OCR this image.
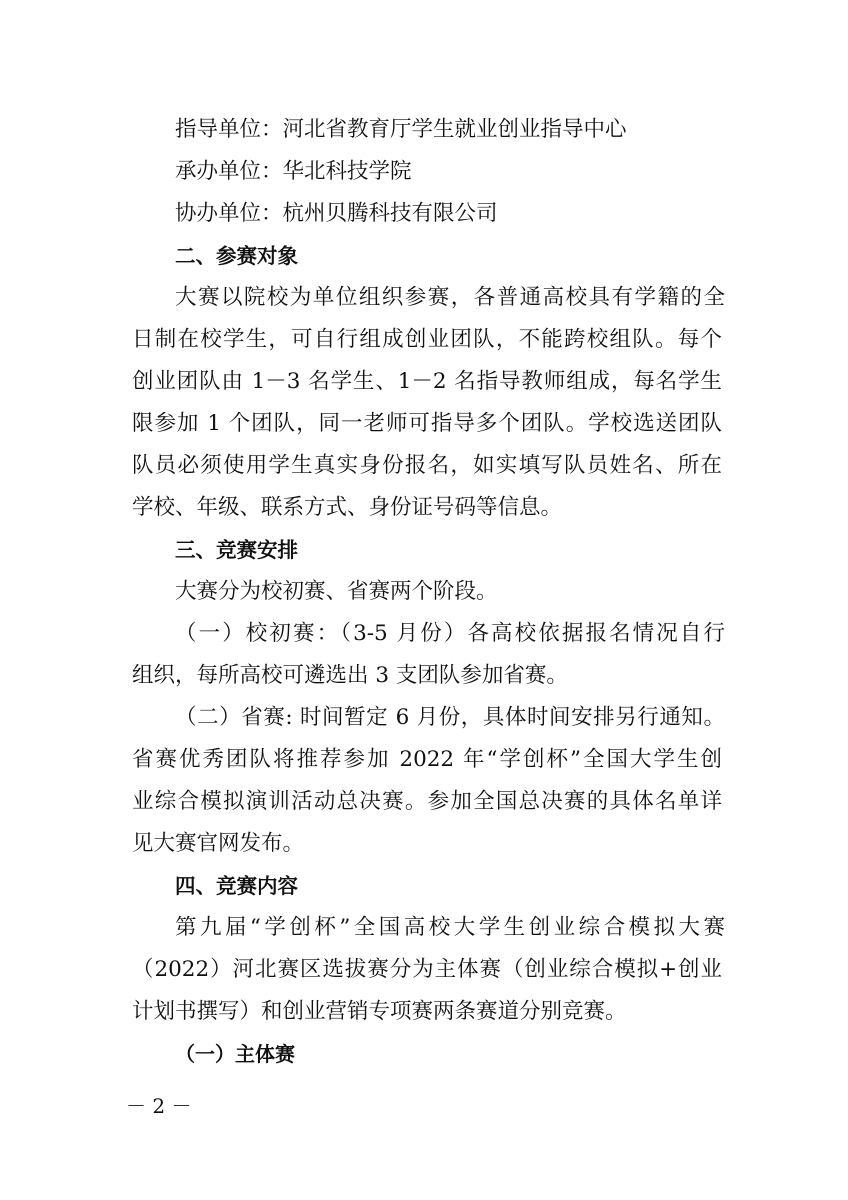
指导单位：河北省教育厅学生就业创业指导中心
承办单位：华北科技学院
协办单位：杭州贝腾科技有限公司
二、参赛对象
大赛以院校为单位组织参赛，各普通高校具有学籍的全
日制在校学生，可自行组成创业团队，不能跨校组队。每个
创业团队由 1－3 名学生、1－2 名指导教师组成，每名学生
限参加 1 个团队，同一老师可指导多个团队。学校选送团队
队员必须使用学生真实身份报名，如实填写队员姓名、所在
学校、年级、联系方式、身份证号码等信息。
三、竞赛安排
大赛分为校初赛、省赛两个阶段。
（一）校初赛：（3-5 月份）各高校依据报名情况自行
组织，每所高校可遴选出 3 支团队参加省赛。
（二）省赛: 时间暂定 6 月份，具体时间安排另行通知。
省赛优秀团队将推荐参加 2022 年“学创杯”全国大学生创
业综合模拟演训活动总决赛。参加全国总决赛的具体名单详
见大赛官网发布。
四、竞赛内容
第九届“学创杯”全国高校大学生创业综合模拟大赛
（2022）河北赛区选拔赛分为主体赛（创业综合模拟+创业
计划书撰写）和创业营销专项赛两条赛道分别竞赛。
（一）主体赛
－ 2 －
